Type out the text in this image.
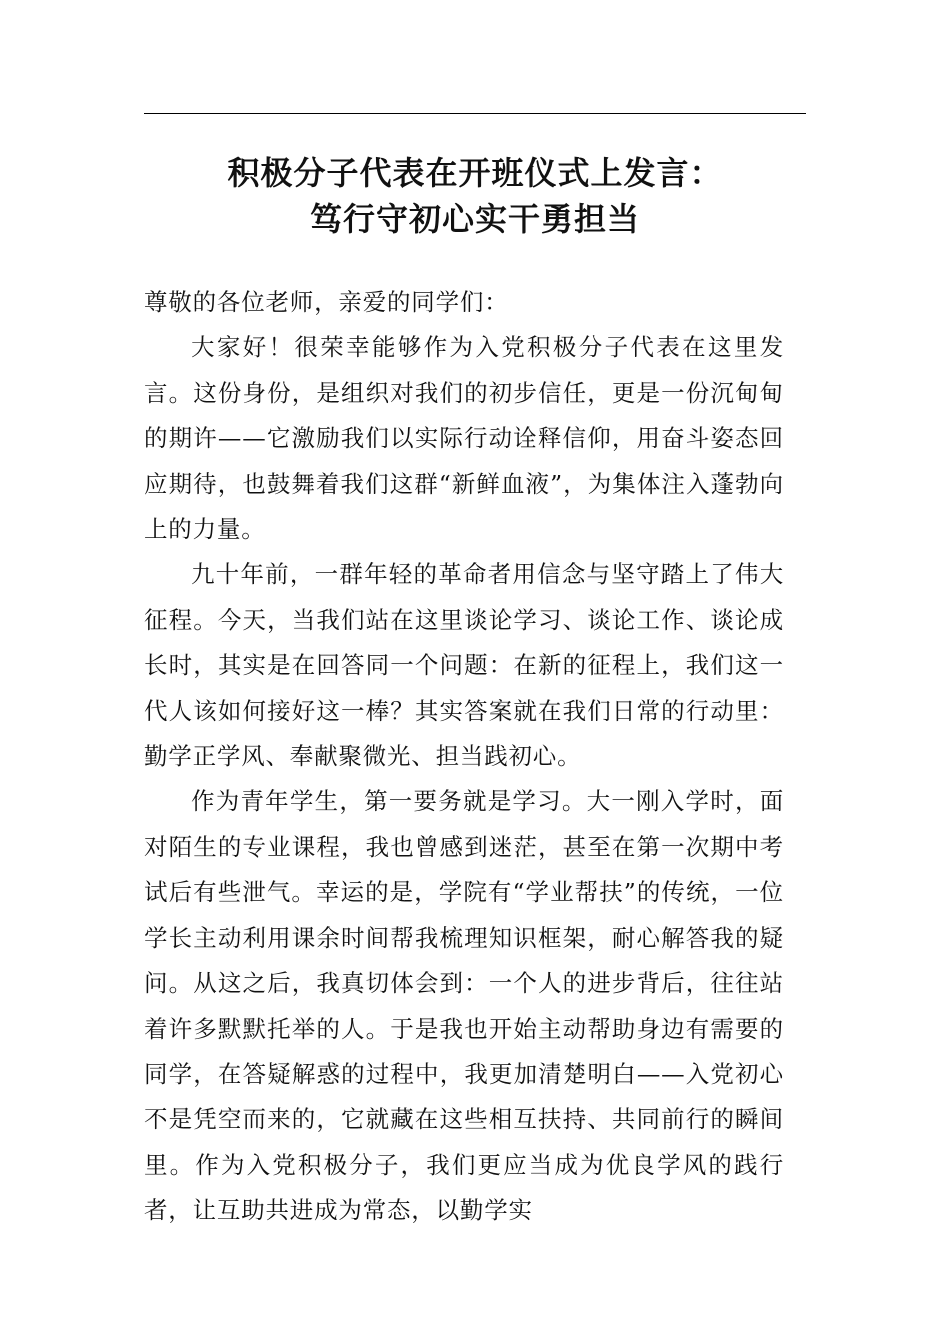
积极分子代表在开班仪式上发言：
笃行守初心实干勇担当

尊敬的各位老师，亲爱的同学们：

大家好！很荣幸能够作为入党积极分子代表在这里发言。这份身份，是组织对我们的初步信任，更是一份沉甸甸的期许——它激励我们以实际行动诠释信仰，用奋斗姿态回应期待，也鼓舞着我们这群“新鲜血液”，为集体注入蓬勃向上的力量。

九十年前，一群年轻的革命者用信念与坚守踏上了伟大征程。今天，当我们站在这里谈论学习、谈论工作、谈论成长时，其实是在回答同一个问题：在新的征程上，我们这一代人该如何接好这一棒？其实答案就在我们日常的行动里：勤学正学风、奉献聚微光、担当践初心。

作为青年学生，第一要务就是学习。大一刚入学时，面对陌生的专业课程，我也曾感到迷茫，甚至在第一次期中考试后有些泄气。幸运的是，学院有“学业帮扶”的传统，一位学长主动利用课余时间帮我梳理知识框架，耐心解答我的疑问。从这之后，我真切体会到：一个人的进步背后，往往站着许多默默托举的人。于是我也开始主动帮助身边有需要的同学，在答疑解惑的过程中，我更加清楚明白——入党初心不是凭空而来的，它就藏在这些相互扶持、共同前行的瞬间里。作为入党积极分子，我们更应当成为优良学风的践行者，让互助共进成为常态，以勤学实
